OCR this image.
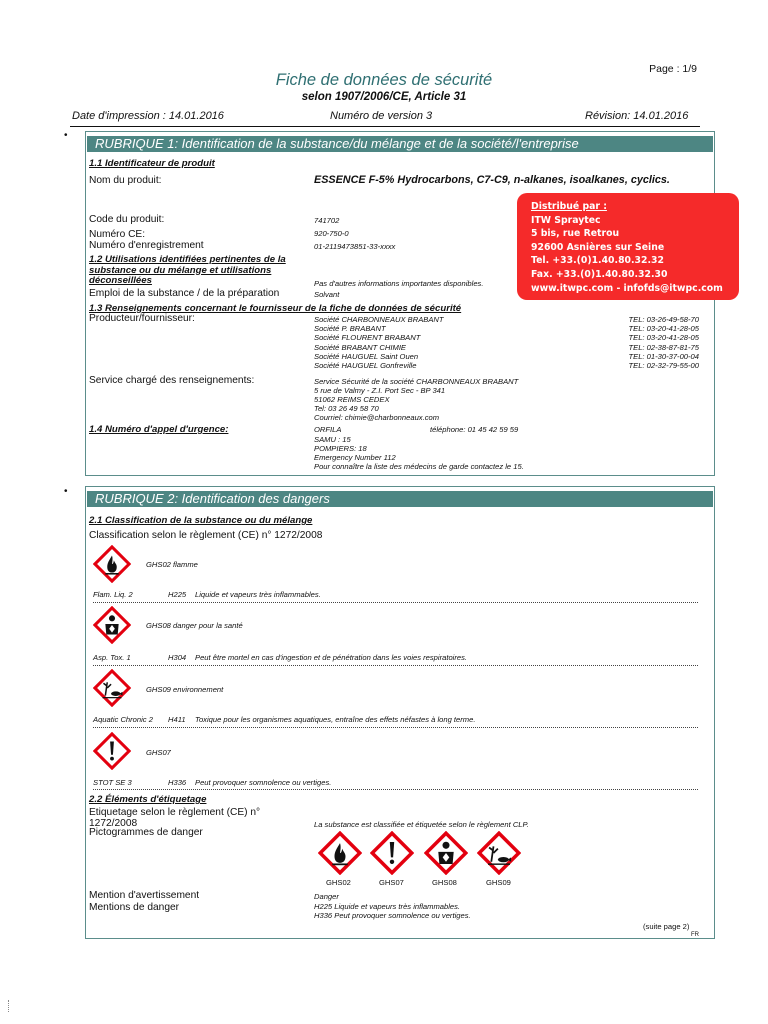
Page : 1/9
Fiche de données de sécurité
selon 1907/2006/CE, Article 31
Date d'impression : 14.01.2016	Numéro de version 3	Révision: 14.01.2016
•
RUBRIQUE 1: Identification de la substance/du mélange et de la société/l'entreprise
1.1 Identificateur de produit
Nom du produit:	ESSENCE F-5% Hydrocarbons, C7-C9, n-alkanes, isoalkanes, cyclics.
Code du produit:	741702
Numéro CE:	920-750-0
Numéro d'enregistrement	01-2119473851-33-xxxx
1.2 Utilisations identifiées pertinentes de la
substance ou du mélange et utilisations
déconseillées	Pas d'autres informations importantes disponibles.
Emploi de la substance / de la préparation	Solvant
1.3 Renseignements concernant le fournisseur de la fiche de données de sécurité
Producteur/fournisseur:	Société CHARBONNEAUX BRABANT	TEL: 03-26-49-58-70
Société P. BRABANT	TEL: 03-20-41-28-05
Société FLOURENT BRABANT	TEL: 03-20-41-28-05
Société BRABANT CHIMIE	TEL: 02-38-87-81-75
Société HAUGUEL Saint Ouen	TEL: 01-30-37-00-04
Société HAUGUEL Gonfreville	TEL: 02-32-79-55-00
Service chargé des renseignements:	Service Sécurité de la société CHARBONNEAUX BRABANT
5 rue de Valmy - Z.I. Port Sec - BP 341
51062 REIMS CEDEX
Tel: 03 26 49 58 70
Courriel: chimie@charbonneaux.com
1.4 Numéro d'appel d'urgence:	ORFILA	téléphone: 01 45 42 59 59
SAMU : 15
POMPIERS: 18
Emergency Number 112
Pour connaître la liste des médecins de garde contactez le 15.
Distribué par :
ITW Spraytec
5 bis, rue Retrou
92600 Asnières sur Seine
Tel. +33.(0)1.40.80.32.32
Fax. +33.(0)1.40.80.32.30
www.itwpc.com - infofds@itwpc.com
•	RUBRIQUE 2: Identification des dangers
2.1 Classification de la substance ou du mélange
Classification selon le règlement (CE) n° 1272/2008
GHS02 flamme
Flam. Liq. 2	H225 Liquide et vapeurs très inflammables.
GHS08 danger pour la santé
Asp. Tox. 1	H304 Peut être mortel en cas d'ingestion et de pénétration dans les voies respiratoires.
GHS09 environnement
Aquatic Chronic 2 H411 Toxique pour les organismes aquatiques, entraîne des effets néfastes à long terme.
GHS07
STOT SE 3	H336 Peut provoquer somnolence ou vertiges.
2.2 Éléments d'étiquetage
Etiquetage selon le règlement (CE) n°
1272/2008	La substance est classifiée et étiquetée selon le règlement CLP.
Pictogrammes de danger
GHS02	GHS07	GHS08	GHS09
Mention d'avertissement	Danger
Mentions de danger	H225 Liquide et vapeurs très inflammables.
H336 Peut provoquer somnolence ou vertiges.
(suite page 2)
FR
